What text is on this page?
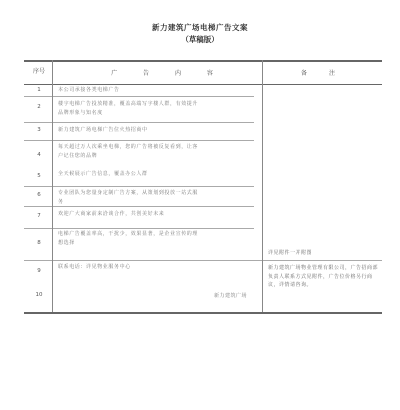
新力建筑广场电梯广告文案
（草稿版）
序号	广 告 内 容	备 注
1
2
3
4
5
6
7
8
9
10
本公司承接各类电梯广告
楼宇电梯广告投放精准，覆盖高端写字楼人群，有效提升品牌形象与知名度
新力建筑广场电梯广告位火热招商中
每天超过万人次乘坐电梯，您的广告将被反复看到，让客户记住您的品牌
全天候展示广告信息，覆盖办公人群
专业团队为您量身定制广告方案，从策划到投放一站式服务
欢迎广大商家前来洽谈合作，共创美好未来
电梯广告覆盖率高，干扰少，效果显著，是企业宣传的理想选择
联系电话：详见物业服务中心
详见附件一并附图
新力建筑广场物业管理有限公司，广告招商部负责人联系方式见附件，广告位价格另行商议，详情请咨询。
新力建筑广场
